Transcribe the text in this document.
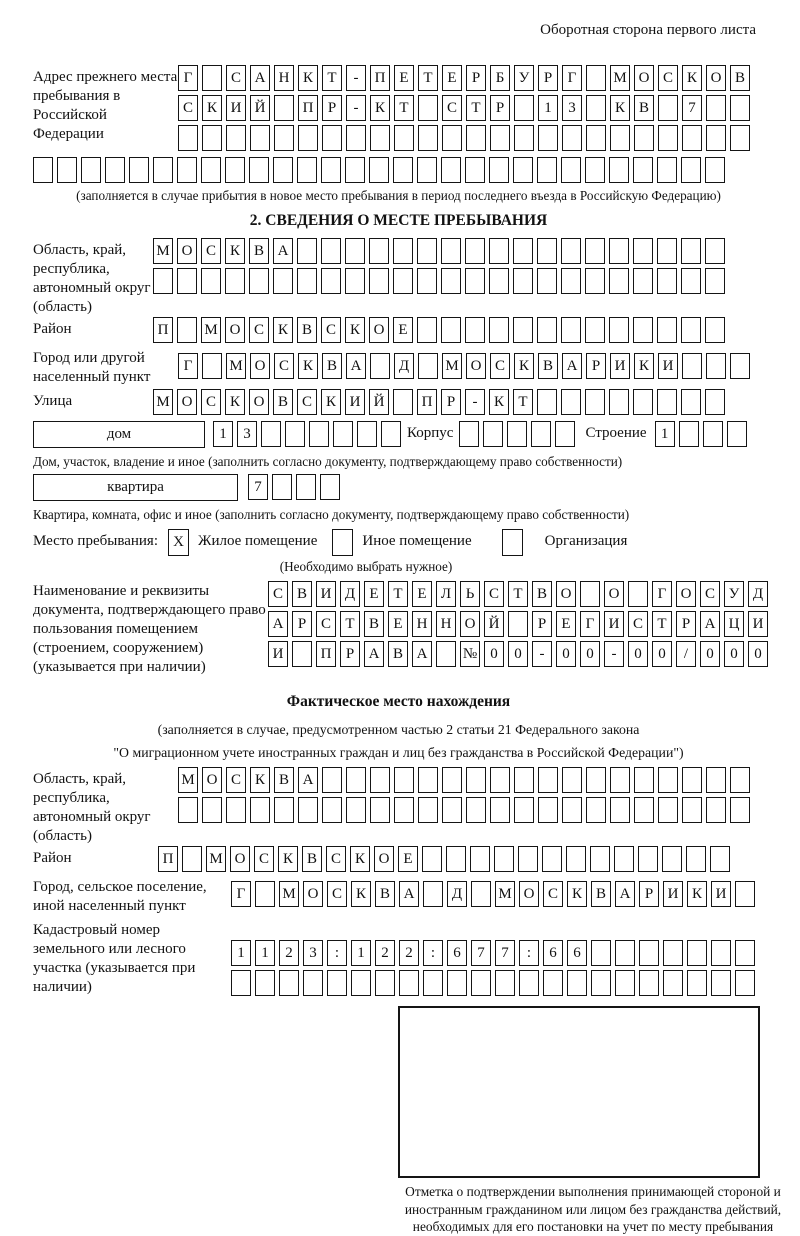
Оборотная сторона первого листа
Адрес прежнего места пребывания в Российской Федерации
Г	С А Н К Т	-	П Е Т Е	Р	Б У Р	Г	М О С К О В
С К И Й	П Р	-	К Т	С Т	Р	1	3	К В	7
(заполняется в случае прибытия в новое место пребывания в период последнего въезда в Российскую Федерацию)
2. СВЕДЕНИЯ О МЕСТЕ ПРЕБЫВАНИЯ
Область, край, республика, автономный округ (область)
М О С К В А
Район	П	М О С К В С К О Е
Город или другой населенный пункт
Г	М О С К В А	Д	М О С К В А Р И К И
Улица	М О С К О В С К И Й	П Р	-	К Т
дом	1	3	Корпус	Строение 1
Дом, участок, владение и иное (заполнить согласно документу, подтверждающему право собственности)
квартира	7
Квартира, комната, офис и иное (заполнить согласно документу, подтверждающему право собственности)
Место пребывания:	X Жилое помещение	Иное помещение	Организация
(Необходимо выбрать нужное)
Наименование и реквизиты документа, подтверждающего право пользования помещением (строением, сооружением) (указывается при наличии)
С В И Д Е Т Е Л Ь С Т В О	О	Г О С У Д
А Р С Т В Е Н Н О Й	Р	Е	Г И С Т	Р А Ц И
И	П Р А В А	№ 0	0	-	0	0	-	0	0	/	0	0	0
Фактическое место нахождения
(заполняется в случае, предусмотренном частью 2 статьи 21 Федерального закона
"О миграционном учете иностранных граждан и лиц без гражданства в Российской Федерации")
Область, край, республика, автономный округ (область)
М О С К В А
Район	П	М О С К В С К О Е
Город, сельское поселение, иной населенный пункт
Г	М О С К В А	Д	М О С К В А Р И К И
Кадастровый номер земельного или лесного участка (указывается при наличии)
1	1	2	3	:	1	2	2	:	6	7	7	:	6	6
Отметка о подтверждении выполнения принимающей стороной и иностранным гражданином или лицом без гражданства действий, необходимых для его постановки на учет по месту пребывания
